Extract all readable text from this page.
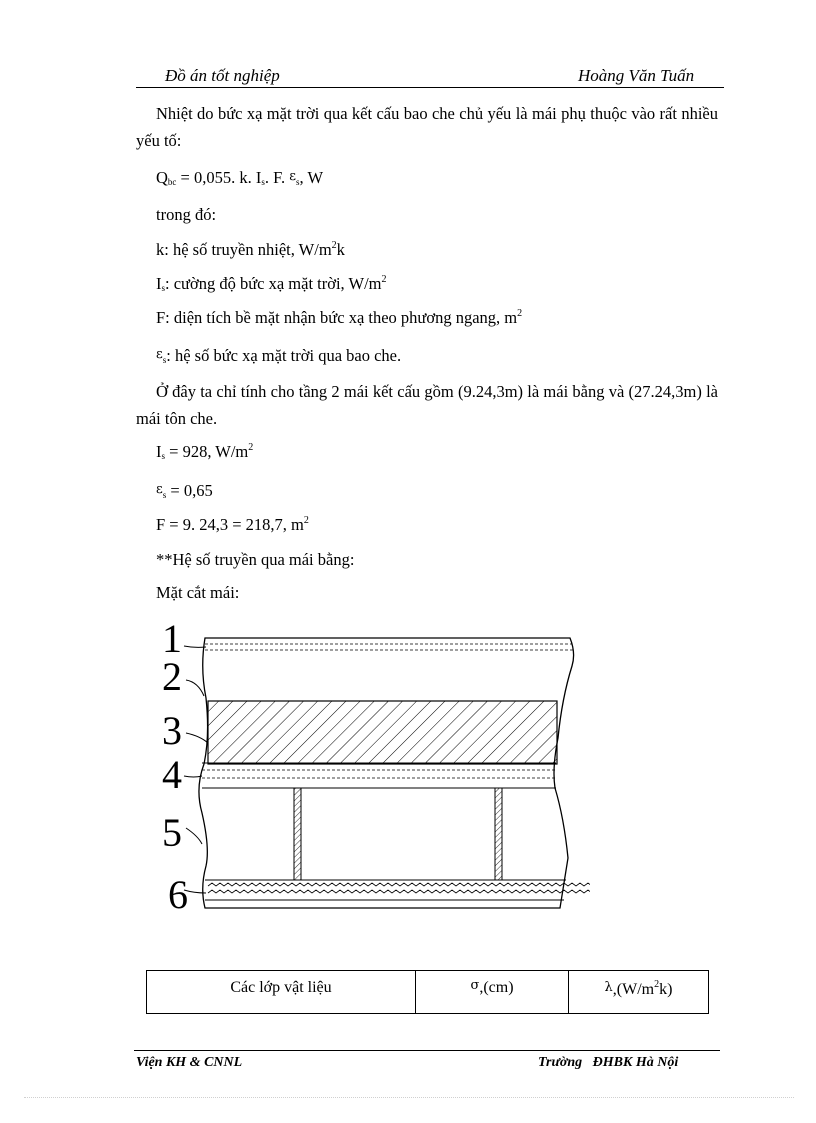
Đồ án tốt nghiệp	Hoàng Văn Tuấn
Nhiệt do bức xạ mặt trời qua kết cấu bao che chủ yếu là mái phụ thuộc vào rất nhiều yếu tố:
$Q_{bc} = 0,055$. k. $I_s$. F. $\varepsilon_s$, W
trong đó:
k: hệ số truyền nhiệt, $W/m^2k$
$I_s$: cường độ bức xạ mặt trời, $W/m^2$
F: diện tích bề mặt nhận bức xạ theo phương ngang, $m^2$
$\varepsilon_s$: hệ số bức xạ mặt trời qua bao che.
Ở đây ta chỉ tính cho tầng 2 mái kết cấu gồm (9.24,3m) là mái bằng và (27.24,3m) là mái tôn che.
$I_s = 928$, $W/m^2$
$\varepsilon_s = 0,65$
F = 9. 24,3 = 218,7, $m^2$
**Hệ số truyền qua mái bằng:
Mặt cắt mái:
1
2
3
4
5
6
Các lớp vật liệu	σ,(cm)	$\lambda,(W/m^2k)$
Viện KH & CNNL	Trường   ĐHBK Hà Nội
